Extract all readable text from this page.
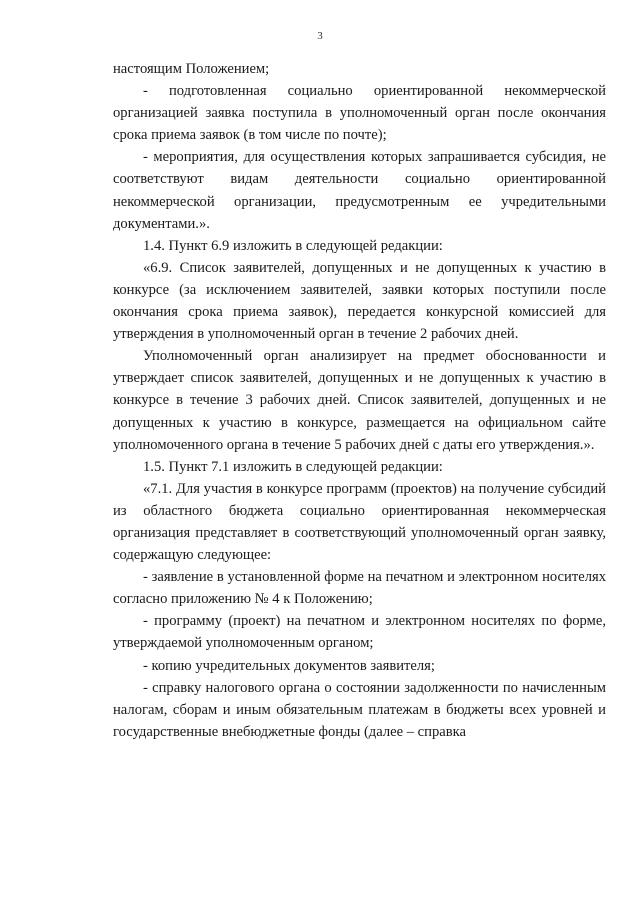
3

настоящим Положением;

- подготовленная социально ориентированной некоммерческой организацией заявка поступила в уполномоченный орган после окончания срока приема заявок (в том числе по почте);

- мероприятия, для осуществления которых запрашивается субсидия, не соответствуют видам деятельности социально ориентированной некоммерческой организации, предусмотренным ее учредительными документами.».

1.4. Пункт 6.9 изложить в следующей редакции:

«6.9. Список заявителей, допущенных и не допущенных к участию в конкурсе (за исключением заявителей, заявки которых поступили после окончания срока приема заявок), передается конкурсной комиссией для утверждения в уполномоченный орган в течение 2 рабочих дней.

Уполномоченный орган анализирует на предмет обоснованности и утверждает список заявителей, допущенных и не допущенных к участию в конкурсе в течение 3 рабочих дней. Список заявителей, допущенных и не допущенных к участию в конкурсе, размещается на официальном сайте уполномоченного органа в течение 5 рабочих дней с даты его утверждения.».

1.5. Пункт 7.1 изложить в следующей редакции:

«7.1. Для участия в конкурсе программ (проектов) на получение субсидий из областного бюджета социально ориентированная некоммерческая организация представляет в соответствующий уполномоченный орган заявку, содержащую следующее:

- заявление в установленной форме на печатном и электронном носителях согласно приложению № 4 к Положению;

- программу (проект) на печатном и электронном носителях по форме, утверждаемой уполномоченным органом;

- копию учредительных документов заявителя;

- справку налогового органа о состоянии задолженности по начисленным налогам, сборам и иным обязательным платежам в бюджеты всех уровней и государственные внебюджетные фонды (далее – справка
